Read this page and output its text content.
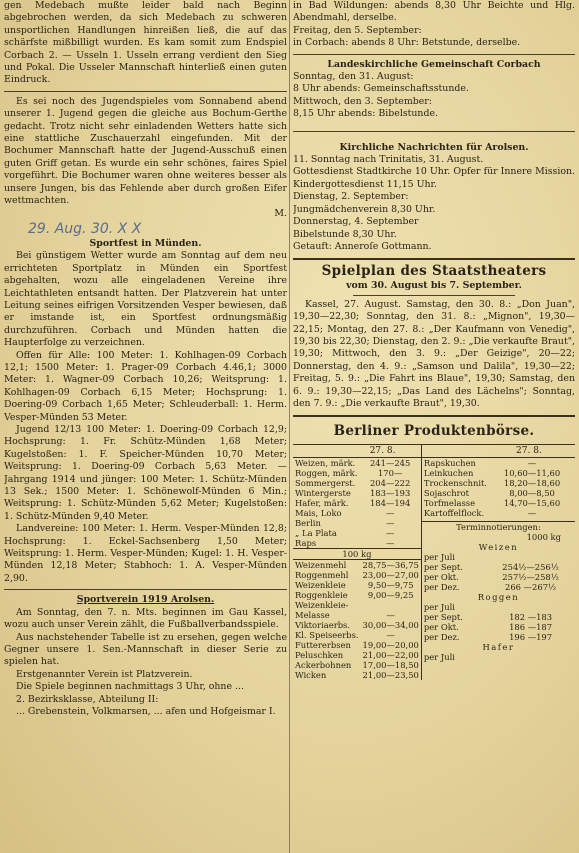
gen Medebach mußte leider bald nach Beginn abgebrochen werden, da sich Medebach zu schweren unsportlichen Handlungen hinreißen ließ, die auf das schärfste mißbilligt wurden. Es kam somit zum Endspiel Corbach 2. — Usseln 1. Usseln errang verdient den Sieg und Pokal. Die Usseler Mannschaft hinterließ einen guten Eindruck.

Es sei noch des Jugendspieles vom Sonnabend abend unserer 1. Jugend gegen die gleiche aus Bochum-Gerthe gedacht. Trotz nicht sehr einladenden Wetters hatte sich eine stattliche Zuschauerzahl eingefunden. Mit der Bochumer Mannschaft hatte der Jugend-Ausschuß einen guten Griff getan. Es wurde ein sehr schönes, faires Spiel vorgeführt. Die Bochumer waren ohne weiteres besser als unsere Jungen, bis das Fehlende aber durch großen Eifer wettmachten.

M.

29. Aug. 30. X X

Sportfest in Münden.

Bei günstigem Wetter wurde am Sonntag auf dem neu errichteten Sportplatz in Münden ein Sportfest abgehalten, wozu alle eingeladenen Vereine ihre Leichtathleten entsandt hatten. Der Platzverein hat unter Leitung seines eifrigen Vorsitzenden Vesper bewiesen, daß er imstande ist, ein Sportfest ordnungsmäßig durchzuführen. Corbach und Münden hatten die Haupterfolge zu verzeichnen.

Offen für Alle: 100 Meter: 1. Kohlhagen-09 Corbach 12,1; 1500 Meter: 1. Prager-09 Corbach 4.46,1; 3000 Meter: 1. Wagner-09 Corbach 10,26; Weitsprung: 1. Kohlhagen-09 Corbach 6,15 Meter; Hochsprung: 1. Doering-09 Corbach 1,65 Meter; Schleuderball: 1. Herm. Vesper-Münden 53 Meter.

Jugend 12/13 100 Meter: 1. Doering-09 Corbach 12,9; Hochsprung: 1. Fr. Schütz-Münden 1,68 Meter; Kugelstoßen: 1. F. Speicher-Münden 10,70 Meter; Weitsprung: 1. Doering-09 Corbach 5,63 Meter. — Jahrgang 1914 und jünger: 100 Meter: 1. Schütz-Münden 13 Sek.; 1500 Meter: 1. Schönewolf-Münden 6 Min.; Weitsprung: 1. Schütz-Münden 5,62 Meter; Kugelstoßen: 1. Schütz-Münden 9,40 Meter.

Landvereine: 100 Meter: 1. Herm. Vesper-Münden 12,8; Hochsprung: 1. Eckel-Sachsenberg 1,50 Meter; Weitsprung: 1. Herm. Vesper-Münden; Kugel: 1. H. Vesper-Münden 12,18 Meter; Stabhoch: 1. A. Vesper-Münden 2,90.

Sportverein 1919 Arolsen.

Am Sonntag, den 7. n. Mts. beginnen im Gau Kassel, wozu auch unser Verein zählt, die Fußballverbandsspiele.

Aus nachstehender Tabelle ist zu ersehen, gegen welche Gegner unsere 1. Sen.-Mannschaft in dieser Serie zu spielen hat.

Erstgenannter Verein ist Platzverein.

Die Spiele beginnen nachmittags 3 Uhr, ohne ...

2. Bezirksklasse, Abteilung II:

... Grebenstein, Volkmarsen, ... afen und Hofgeismar I.

in Bad Wildungen: abends 8,30 Uhr Beichte und Hlg. Abendmahl, derselbe.

Freitag, den 5. September:

in Corbach: abends 8 Uhr: Betstunde, derselbe.

Landeskirchliche Gemeinschaft Corbach

Sonntag, den 31. August:

8 Uhr abends: Gemeinschaftsstunde.

Mittwoch, den 3. September:

8,15 Uhr abends: Bibelstunde.

Kirchliche Nachrichten für Arolsen.

11. Sonntag nach Trinitatis, 31. August.

Gottesdienst Stadtkirche 10 Uhr. Opfer für Innere Mission. Kindergottesdienst 11,15 Uhr.

Dienstag, 2. September:

Jungmädchenverein 8,30 Uhr.

Donnerstag, 4. September

Bibelstunde 8,30 Uhr.

Getauft: Anneroſe Gottmann.

Spielplan des Staatstheaters

vom 30. August bis 7. September.

Kassel, 27. August. Samstag, den 30. 8.: „Don Juan", 19,30—22,30; Sonntag, den 31. 8.: „Mignon", 19,30—22,15; Montag, den 27. 8.: „Der Kaufmann von Venedig", 19,30 bis 22,30; Dienstag, den 2. 9.: „Die verkaufte Braut", 19,30; Mittwoch, den 3. 9.: „Der Geizige", 20—22; Donnerstag, den 4. 9.: „Samson und Dalila", 19,30—22; Freitag, 5. 9.: „Die Fahrt ins Blaue", 19,30; Samstag, den 6. 9.: 19,30—22,15; „Das Land des Lächelns"; Sonntag, den 7. 9.: „Die verkaufte Braut", 19,30.

Berliner Produktenbörse.

	27. 8.		27. 8.

Weizen, märk.	241—245
Roggen, märk.	170—
Sommergerst.	204—222
Wintergerste	183—193
Hafer, märk.	184—194
Mais, Loko	—
Berlin	—
„ La Plata	—
Raps	—
100 kg
Weizenmehl	28,75—36,75
Roggenmehl	23,00—27,00
Weizenkleie	9,50—9,75
Roggenkleie	9,00—9,25
Weizenkleie-	
Melasse	—
Viktoriaerbs.	30,00—34,00
Kl. Speiseerbs.	—
Futtererbsen	19,00—20,00
Peluschken	21,00—22,00
Ackerbohnen	17,00—18,50
Wicken	21,00—23,50

Rapskuchen	—
Leinkuchen	10,60—11,60
Trockenschnit.	18,20—18,60
Sojaschrot	8,00—8,50
Torfmelasse	14,70—15,60
Kartoffelflock.	—
Terminnotierungen:
1000 kg
Weizen
per Juli	
per Sept.	254½—256½
per Okt.	257½—258½
per Dez.	266 —267½
Roggen
per Juli	
per Sept.	182 —183
per Okt.	186 —187
per Dez.	196 —197
Hafer
per Juli	
